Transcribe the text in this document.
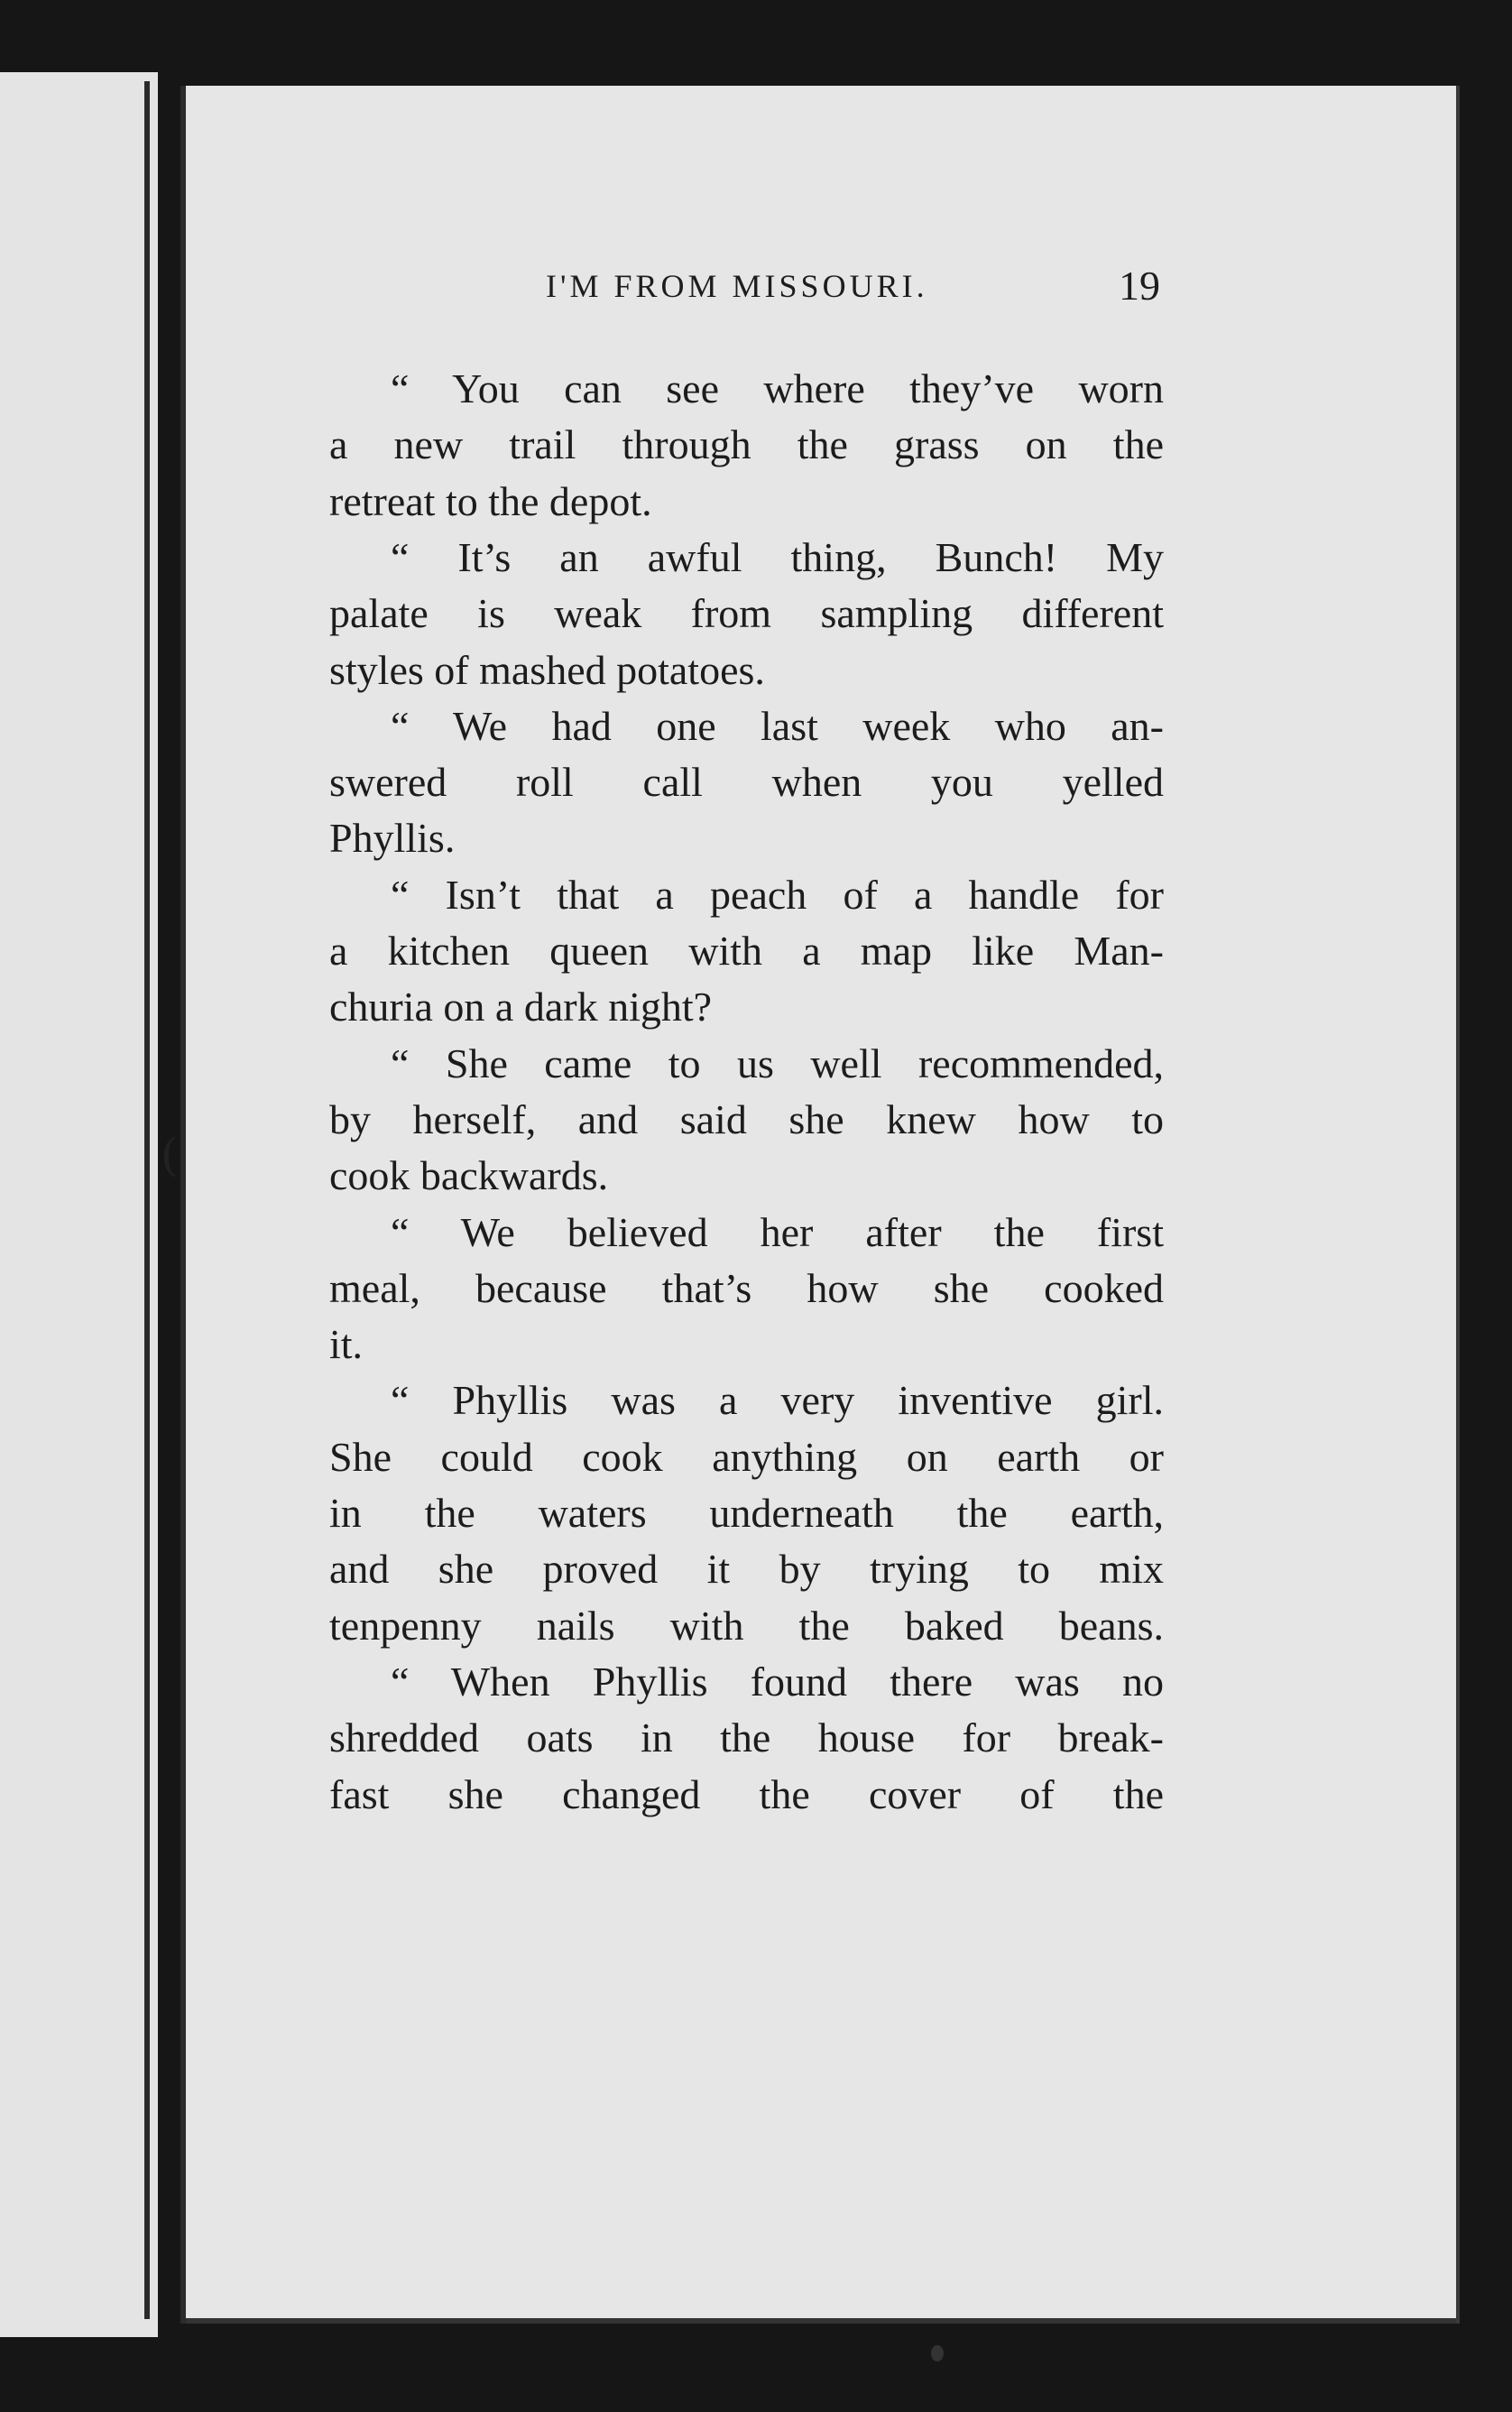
(
I'M FROM MISSOURI.	19
“ You can see where they’ve worn
a new trail through the grass on the
retreat to the depot.
“ It’s an awful thing, Bunch! My
palate is weak from sampling different
styles of mashed potatoes.
“ We had one last week who an-
swered roll call when you yelled
Phyllis.
“ Isn’t that a peach of a handle for
a kitchen queen with a map like Man-
churia on a dark night?
“ She came to us well recommended,
by herself, and said she knew how to
cook backwards.
“ We believed her after the first
meal, because that’s how she cooked
it.
“ Phyllis was a very inventive girl.
She could cook anything on earth or
in the waters underneath the earth,
and she proved it by trying to mix
tenpenny nails with the baked beans.
“ When Phyllis found there was no
shredded oats in the house for break-
fast she changed the cover of the
